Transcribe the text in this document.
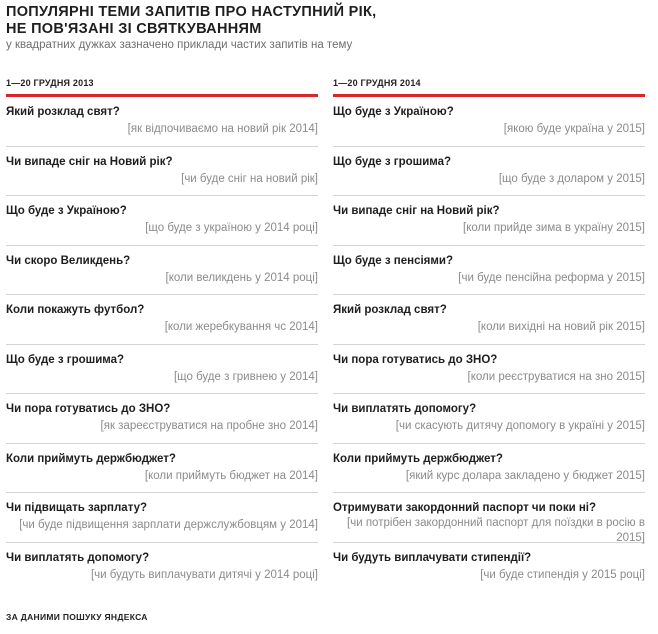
ПОПУЛЯРНІ ТЕМИ ЗАПИТІВ ПРО НАСТУПНИЙ РІК,
НЕ ПОВ'ЯЗАНІ ЗІ СВЯТКУВАННЯМ
у квадратних дужках зазначено приклади частих запитів на тему
1—20 ГРУДНЯ 2013
Який розклад свят?
[як відпочиваємо на новий рік 2014]
Чи випаде сніг на Новий рік?
[чи буде сніг на новий рік]
Що буде з Україною?
[що буде з україною у 2014 році]
Чи скоро Великдень?
[коли великдень у 2014 році]
Коли покажуть футбол?
[коли жеребкування чс 2014]
Що буде з грошима?
[що буде з гривнею у 2014]
Чи пора готуватись до ЗНО?
[як зареєструватися на пробне зно 2014]
Коли приймуть держбюджет?
[коли приймуть бюджет на 2014]
Чи підвищать зарплату?
[чи буде підвищення зарплати держслужбовцям у 2014]
Чи виплатять допомогу?
[чи будуть виплачувати дитячі у 2014 році]
1—20 ГРУДНЯ 2014
Що буде з Україною?
[якою буде україна у 2015]
Що буде з грошима?
[що буде з доларом у 2015]
Чи випаде сніг на Новий рік?
[коли прийде зима в україну 2015]
Що буде з пенсіями?
[чи буде пенсійна реформа у 2015]
Який розклад свят?
[коли вихідні на новий рік 2015]
Чи пора готуватись до ЗНО?
[коли реєструватися на зно 2015]
Чи виплатять допомогу?
[чи скасують дитячу допомогу в україні у 2015]
Коли приймуть держбюджет?
[який курс долара закладено у бюджет 2015]
Отримувати закордонний паспорт чи поки ні?
[чи потрібен закордонний паспорт для поїздки в росію в 2015]
Чи будуть виплачувати стипендії?
[чи буде стипендія у 2015 році]
ЗА ДАНИМИ ПОШУКУ ЯНДЕКСА
